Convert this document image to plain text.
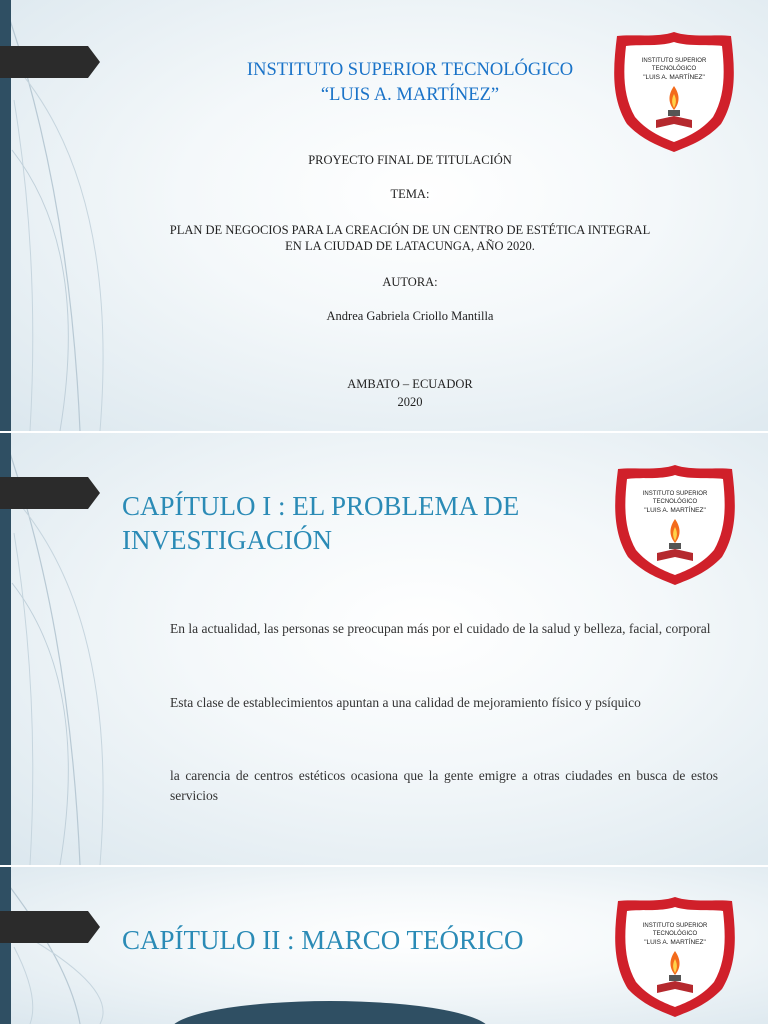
INSTITUTO SUPERIOR
TECNOLÓGICO
"LUIS A. MARTÍNEZ"
INSTITUTO SUPERIOR TECNOLÓGICO
“LUIS A. MARTÍNEZ”
PROYECTO FINAL DE TITULACIÓN
TEMA:
PLAN DE NEGOCIOS PARA LA CREACIÓN DE UN CENTRO DE ESTÉTICA INTEGRAL
EN LA CIUDAD DE LATACUNGA, AÑO 2020.
AUTORA:
Andrea Gabriela Criollo Mantilla
AMBATO – ECUADOR
2020
INSTITUTO SUPERIOR
TECNOLÓGICO
"LUIS A. MARTÍNEZ"
CAPÍTULO I : EL PROBLEMA DE
INVESTIGACIÓN
En la actualidad, las personas se preocupan más por el cuidado de la salud y belleza, facial, corporal
Esta clase de establecimientos apuntan a una calidad de mejoramiento físico y psíquico
la carencia de centros estéticos ocasiona que la gente emigre a otras ciudades en busca de estos servicios
INSTITUTO SUPERIOR
TECNOLÓGICO
"LUIS A. MARTÍNEZ"
CAPÍTULO II : MARCO TEÓRICO
